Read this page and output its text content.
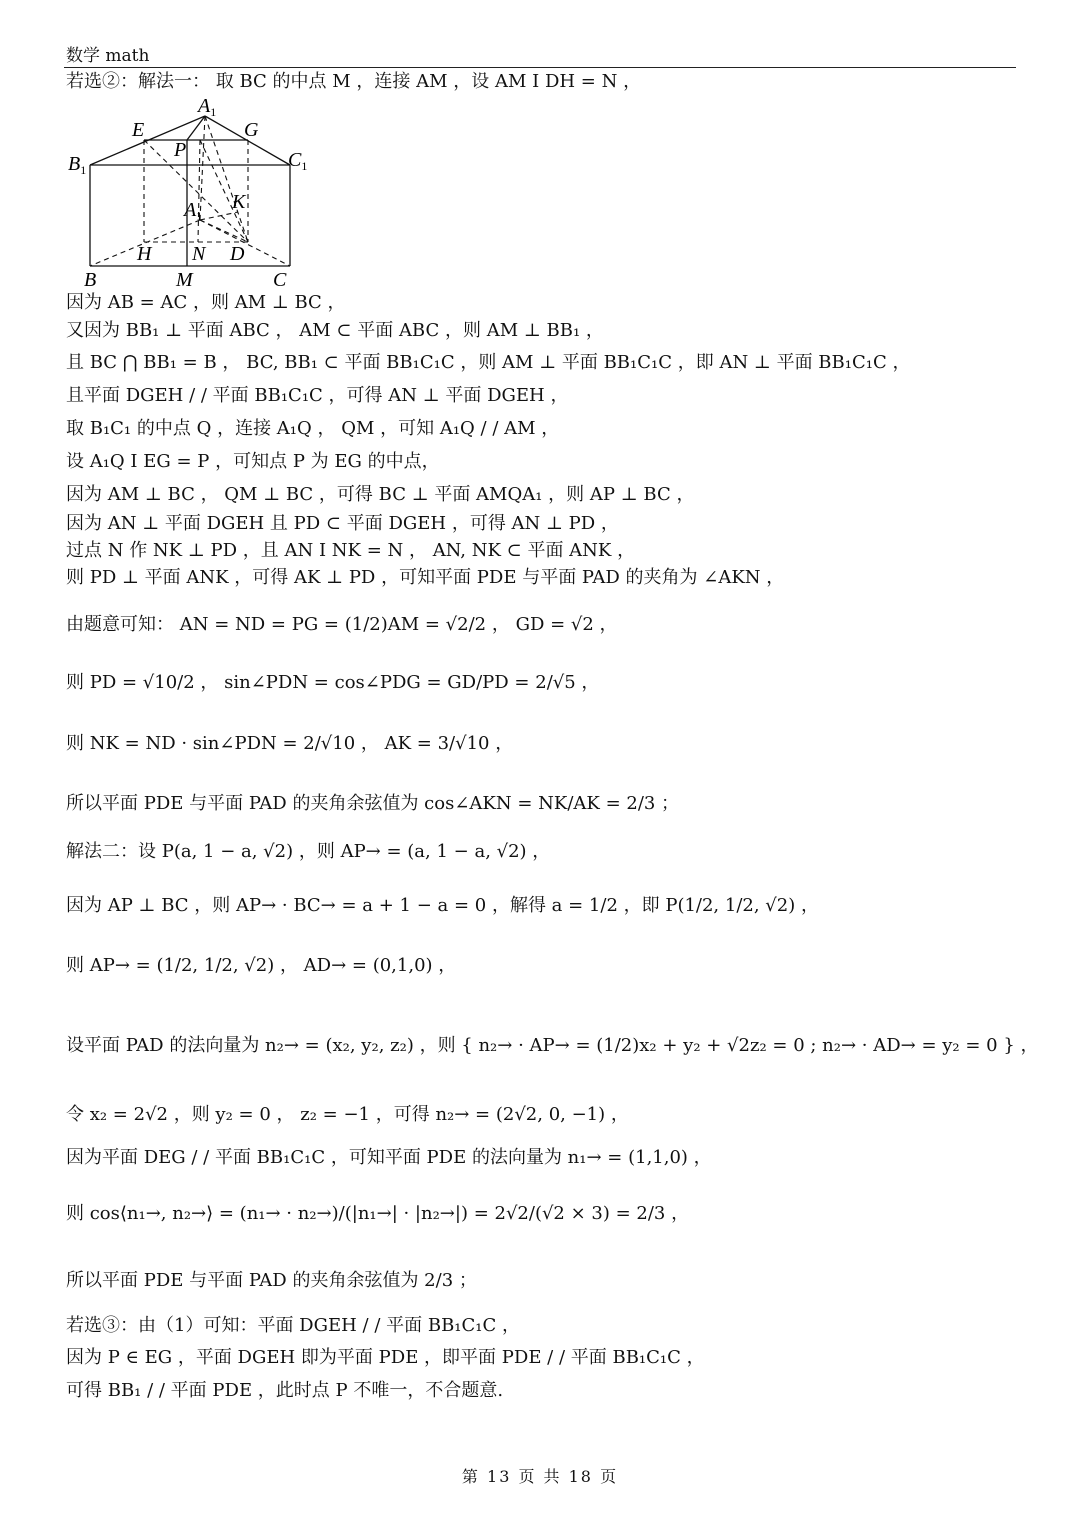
数学 math
若选②：解法一： 取 BC 的中点 M ，连接 AM ，设 AM I DH = N ，
$A_1$
E	G
P
$B_1$	$C_1$
$A_1$
K
H N D
B	M	C
因为 AB = AC ，则 AM ⊥ BC ，
又因为 BB₁ ⊥ 平面 ABC ， AM ⊂ 平面 ABC ，则 AM ⊥ BB₁ ，
且 BC ⋂ BB₁ = B ， BC, BB₁ ⊂ 平面 BB₁C₁C ，则 AM ⊥ 平面 BB₁C₁C ，即 AN ⊥ 平面 BB₁C₁C ，
且平面 DGEH / / 平面 BB₁C₁C ，可得 AN ⊥ 平面 DGEH ，
取 B₁C₁ 的中点 Q ，连接 A₁Q ， QM ，可知 A₁Q / / AM ，
设 A₁Q I EG = P ，可知点 P 为 EG 的中点，
因为 AM ⊥ BC ， QM ⊥ BC ，可得 BC ⊥ 平面 AMQA₁ ，则 AP ⊥ BC ，
因为 AN ⊥ 平面 DGEH 且 PD ⊂ 平面 DGEH ，可得 AN ⊥ PD ，
过点 N 作 NK ⊥ PD ，且 AN I NK = N ， AN, NK ⊂ 平面 ANK ，
则 PD ⊥ 平面 ANK ，可得 AK ⊥ PD ，可知平面 PDE 与平面 PAD 的夹角为 ∠AKN ，
由题意可知： AN = ND = PG = (1/2)AM = √2/2 ， GD = √2 ，
则 PD = √10/2 ， sin∠PDN = cos∠PDG = GD/PD = 2/√5 ，
则 NK = ND · sin∠PDN = 2/√10 ， AK = 3/√10 ，
所以平面 PDE 与平面 PAD 的夹角余弦值为 cos∠AKN = NK/AK = 2/3 ；
解法二：设 P(a, 1 − a, √2) ，则 AP→ = (a, 1 − a, √2) ，
因为 AP ⊥ BC ，则 AP→ · BC→ = a + 1 − a = 0 ，解得 a = 1/2 ，即 P(1/2, 1/2, √2) ，
则 AP→ = (1/2, 1/2, √2) ， AD→ = (0,1,0) ，
设平面 PAD 的法向量为 n₂→ = (x₂, y₂, z₂) ，则 { n₂→ · AP→ = (1/2)x₂ + y₂ + √2z₂ = 0 ; n₂→ · AD→ = y₂ = 0 } ，
令 x₂ = 2√2 ，则 y₂ = 0 ， z₂ = −1 ，可得 n₂→ = (2√2, 0, −1) ，
因为平面 DEG / / 平面 BB₁C₁C ，可知平面 PDE 的法向量为 n₁→ = (1,1,0) ，
则 cos⟨n₁→, n₂→⟩ = (n₁→ · n₂→)/(|n₁→| · |n₂→|) = 2√2/(√2 × 3) = 2/3 ，
所以平面 PDE 与平面 PAD 的夹角余弦值为 2/3 ；
若选③：由（1）可知：平面 DGEH / / 平面 BB₁C₁C ，
因为 P ∈ EG ，平面 DGEH 即为平面 PDE ，即平面 PDE / / 平面 BB₁C₁C ，
可得 BB₁ / / 平面 PDE ，此时点 P 不唯一，不合题意.
第 13 页 共 18 页
